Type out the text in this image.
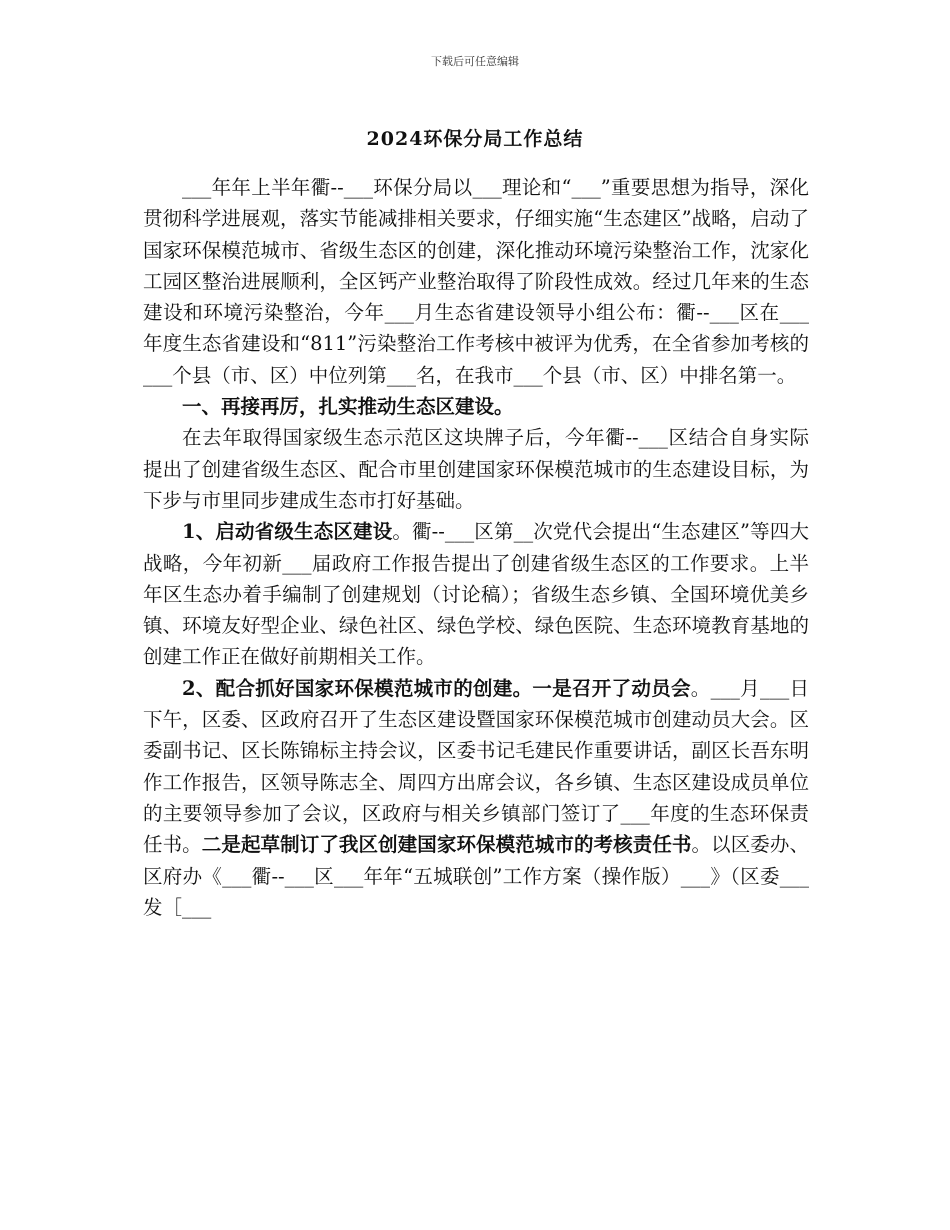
下载后可任意编辑
2024环保分局工作总结

___年年上半年衢--___环保分局以___理论和“___”重要思想为指导，深化贯彻科学进展观，落实节能减排相关要求，仔细实施“生态建区”战略，启动了国家环保模范城市、省级生态区的创建，深化推动环境污染整治工作，沈家化工园区整治进展顺利，全区钙产业整治取得了阶段性成效。经过几年来的生态建设和环境污染整治，今年___月生态省建设领导小组公布：衢--___区在___年度生态省建设和“811”污染整治工作考核中被评为优秀，在全省参加考核的___个县（市、区）中位列第___名，在我市___个县（市、区）中排名第一。

一、再接再厉，扎实推动生态区建设。

在去年取得国家级生态示范区这块牌子后，今年衢--___区结合自身实际提出了创建省级生态区、配合市里创建国家环保模范城市的生态建设目标，为下步与市里同步建成生态市打好基础。

1、启动省级生态区建设。衢--___区第__次党代会提出“生态建区”等四大战略，今年初新___届政府工作报告提出了创建省级生态区的工作要求。上半年区生态办着手编制了创建规划（讨论稿）；省级生态乡镇、全国环境优美乡镇、环境友好型企业、绿色社区、绿色学校、绿色医院、生态环境教育基地的创建工作正在做好前期相关工作。

2、配合抓好国家环保模范城市的创建。一是召开了动员会。___月___日下午，区委、区政府召开了生态区建设暨国家环保模范城市创建动员大会。区委副书记、区长陈锦标主持会议，区委书记毛建民作重要讲话，副区长吾东明作工作报告，区领导陈志全、周四方出席会议，各乡镇、生态区建设成员单位的主要领导参加了会议，区政府与相关乡镇部门签订了___年度的生态环保责任书。二是起草制订了我区创建国家环保模范城市的考核责任书。以区委办、区府办《___衢--___区___年年“五城联创”工作方案（操作版）___》（区委___发［___
